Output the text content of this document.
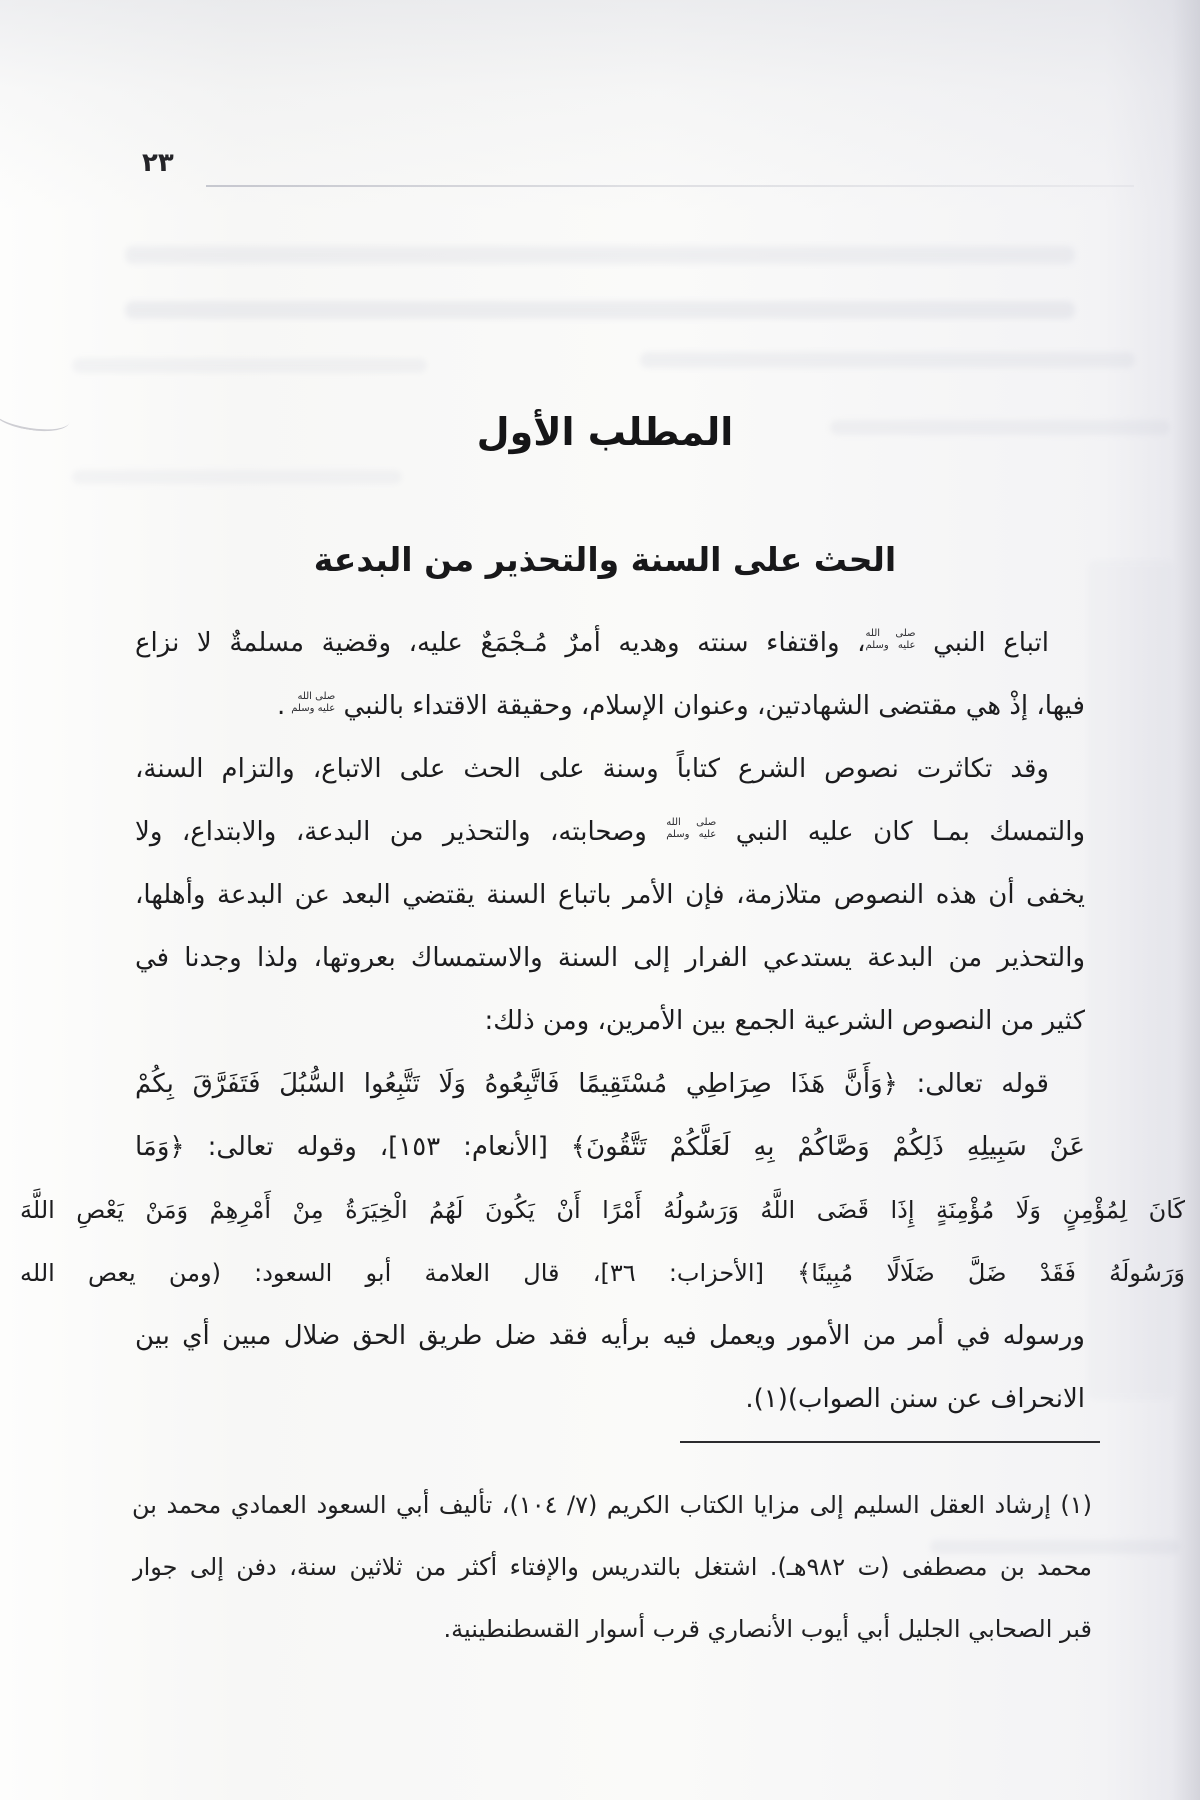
٢٣
المطلب الأول
الحث على السنة والتحذير من البدعة
اتباع النبي صلى الله
عليه وسلم، واقتفاء سنته وهديه أمرٌ مُـجْمَعٌ عليه، وقضية مسلمةٌ لا نزاع
فيها، إذْ هي مقتضى الشهادتين، وعنوان الإسلام، وحقيقة الاقتداء بالنبي صلى الله
عليه وسلم.
وقد تكاثرت نصوص الشرع كتاباً وسنة على الحث على الاتباع، والتزام السنة،
والتمسك بمـا كان عليه النبي صلى الله
عليه وسلم وصحابته، والتحذير من البدعة، والابتداع، ولا
يخفى أن هذه النصوص متلازمة، فإن الأمر باتباع السنة يقتضي البعد عن البدعة وأهلها،
والتحذير من البدعة يستدعي الفرار إلى السنة والاستمساك بعروتها، ولذا وجدنا في
كثير من النصوص الشرعية الجمع بين الأمرين، ومن ذلك:
قوله تعالى: ﴿وَأَنَّ هَذَا صِرَاطِي مُسْتَقِيمًا فَاتَّبِعُوهُ وَلَا تَتَّبِعُوا السُّبُلَ فَتَفَرَّقَ بِكُمْ
عَنْ سَبِيلِهِ ذَلِكُمْ وَصَّاكُمْ بِهِ لَعَلَّكُمْ تَتَّقُونَ﴾ [الأنعام: ١٥٣]، وقوله تعالى: ﴿وَمَا
كَانَ لِمُؤْمِنٍ وَلَا مُؤْمِنَةٍ إِذَا قَضَى اللَّهُ وَرَسُولُهُ أَمْرًا أَنْ يَكُونَ لَهُمُ الْخِيَرَةُ مِنْ أَمْرِهِمْ وَمَنْ يَعْصِ اللَّهَ
وَرَسُولَهُ فَقَدْ ضَلَّ ضَلَالًا مُبِينًا﴾ [الأحزاب: ٣٦]، قال العلامة أبو السعود: (ومن يعص الله
ورسوله في أمر من الأمور ويعمل فيه برأيه فقد ضل طريق الحق ضلال مبين أي بين
الانحراف عن سنن الصواب)(١).
(١) إرشاد العقل السليم إلى مزايا الكتاب الكريم (٧/ ١٠٤)، تأليف أبي السعود العمادي محمد بن
محمد بن مصطفى (ت ٩٨٢هـ). اشتغل بالتدريس والإفتاء أكثر من ثلاثين سنة، دفن إلى جوار
قبر الصحابي الجليل أبي أيوب الأنصاري قرب أسوار القسطنطينية.
